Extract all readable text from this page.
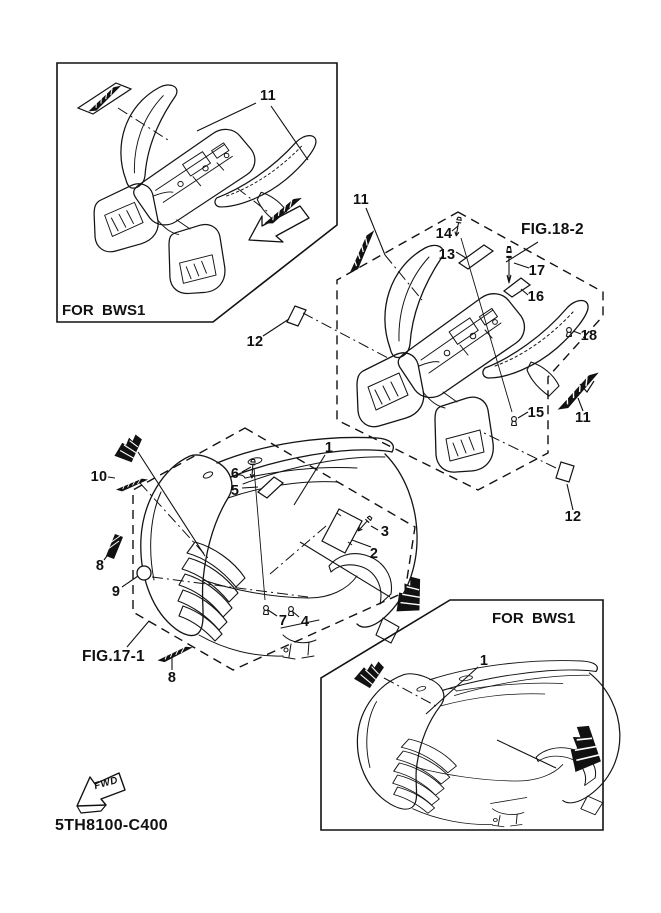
FOR  BWS1
FIG.18-2
FIG.17-1
FOR  BWS1
5TH8100-C400
FWD
11
11
14
13
17
16
18
12
15 11
12
10
8
9
6
5
1
3
2
7 4
8
1
